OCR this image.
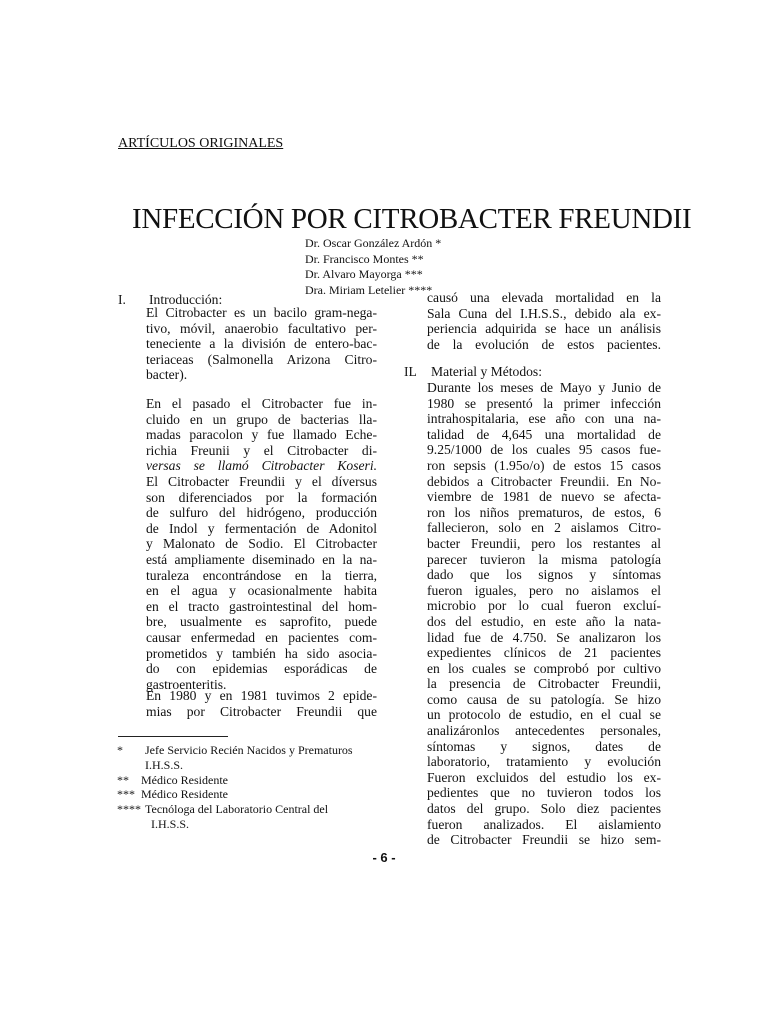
ARTÍCULOS ORIGINALES
INFECCIÓN POR CITROBACTER FREUNDII
Dr. Oscar González Ardón *
Dr. Francisco Montes **
Dr. Alvaro Mayorga ***
Dra. Miriam Letelier ****
I. Introducción:
El Citrobacter es un bacilo gram-nega-
tivo, móvil, anaerobio facultativo per-
teneciente a la división de entero-bac-
teriaceas (Salmonella Arizona Citro-
bacter).
En el pasado el Citrobacter fue in-
cluido en un grupo de bacterias lla-
madas paracolon y fue llamado Eche-
richia Freunii y el Citrobacter di-
versas se llamó Citrobacter Koseri.
El Citrobacter Freundii y el díversus
son diferenciados por la formación
de sulfuro del hidrógeno, producción
de Indol y fermentación de Adonitol
y Malonato de Sodio. El Citrobacter
está ampliamente diseminado en la na-
turaleza encontrándose en la tierra,
en el agua y ocasionalmente habita
en el tracto gastrointestinal del hom-
bre, usualmente es saprofito, puede
causar enfermedad en pacientes com-
prometidos y también ha sido asocia-
do con epidemias esporádicas de
gastroenteritis.
En 1980 y en 1981 tuvimos 2 epide-
mias por Citrobacter Freundii que
* Jefe Servicio Recién Nacidos y Prematuros
I.H.S.S.
** Médico Residente
*** Médico Residente
**** Tecnóloga del Laboratorio Central del
I.H.S.S.
causó una elevada mortalidad en la
Sala Cuna del I.H.S.S., debido ala ex-
periencia adquirida se hace un análisis
de la evolución de estos pacientes.
IL Material y Métodos:
Durante los meses de Mayo y Junio de
1980 se presentó la primer infección
intrahospitalaria, ese año con una na-
talidad de 4,645 una mortalidad de
9.25/1000 de los cuales 95 casos fue-
ron sepsis (1.95o/o) de estos 15 casos
debidos a Citrobacter Freundii. En No-
viembre de 1981 de nuevo se afecta-
ron los niños prematuros, de estos, 6
fallecieron, solo en 2 aislamos Citro-
bacter Freundii, pero los restantes al
parecer tuvieron la misma patología
dado que los signos y síntomas
fueron iguales, pero no aislamos el
microbio por lo cual fueron excluí-
dos del estudio, en este año la nata-
lidad fue de 4.750. Se analizaron los
expedientes clínicos de 21 pacientes
en los cuales se comprobó por cultivo
la presencia de Citrobacter Freundii,
como causa de su patología. Se hizo
un protocolo de estudio, en el cual se
analizáronlos antecedentes personales,
síntomas y signos, dates de
laboratorio, tratamiento y evolución
Fueron excluidos del estudio los ex-
pedientes que no tuvieron todos los
datos del grupo. Solo diez pacientes
fueron analizados. El aislamiento
de Citrobacter Freundii se hizo sem-
- 6 -
